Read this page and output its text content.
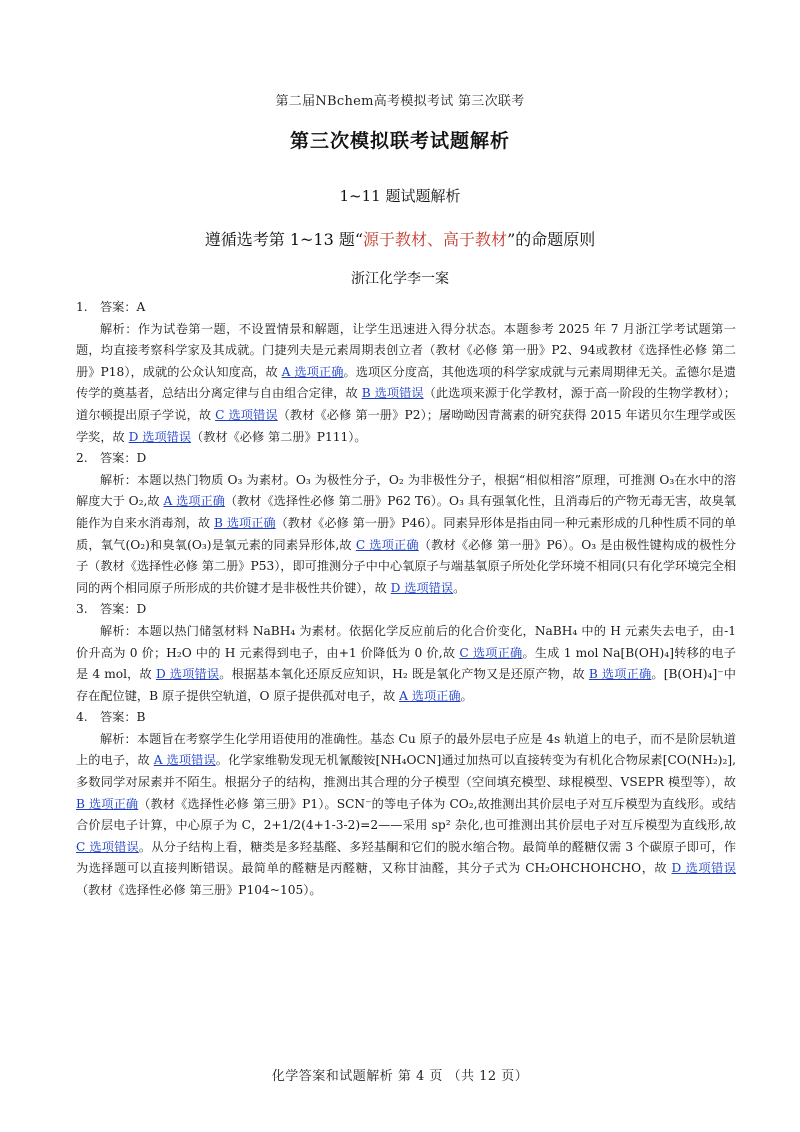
第二届NBchem高考模拟考试 第三次联考
第三次模拟联考试题解析
1~11 题试题解析
遵循选考第 1~13 题“源于教材、高于教材”的命题原则
浙江化学李一案
1.	答案：A

解析：作为试卷第一题，不设置情景和解题，让学生迅速进入得分状态。本题参考 2025 年 7 月浙江学考试题第一题，均直接考察科学家及其成就。门捷列夫是元素周期表创立者（教材《必修 第一册》P2、94或教材《选择性必修 第二册》P18），成就的公众认知度高，故 A 选项正确。选项区分度高，其他选项的科学家成就与元素周期律无关。孟德尔是遗传学的奠基者，总结出分离定律与自由组合定律，故 B 选项错误（此选项来源于化学教材，源于高一阶段的生物学教材）；道尔顿提出原子学说，故 C 选项错误（教材《必修 第一册》P2）；屠呦呦因青蒿素的研究获得 2015 年诺贝尔生理学或医学奖，故 D 选项错误（教材《必修 第二册》P111）。

2.	答案：D

解析：本题以热门物质 O₃ 为素材。O₃ 为极性分子，O₂ 为非极性分子，根据“相似相溶”原理，可推测 O₃在水中的溶解度大于 O₂,故 A 选项正确（教材《选择性必修 第二册》P62 T6）。O₃ 具有强氧化性，且消毒后的产物无毒无害，故臭氧能作为自来水消毒剂，故 B 选项正确（教材《必修 第一册》P46）。同素异形体是指由同一种元素形成的几种性质不同的单质，氧气(O₂)和臭氧(O₃)是氧元素的同素异形体,故 C 选项正确（教材《必修 第一册》P6）。O₃ 是由极性键构成的极性分子（教材《选择性必修 第二册》P53），即可推测分子中中心氧原子与端基氧原子所处化学环境不相同(只有化学环境完全相同的两个相同原子所形成的共价键才是非极性共价键），故 D 选项错误。

3.	答案：D

解析：本题以热门储氢材料 NaBH₄ 为素材。依据化学反应前后的化合价变化，NaBH₄ 中的 H 元素失去电子，由-1 价升高为 0 价；H₂O 中的 H 元素得到电子，由+1 价降低为 0 价,故 C 选项正确。生成 1 mol Na[B(OH)₄]转移的电子是 4 mol，故 D 选项错误。根据基本氧化还原反应知识，H₂ 既是氧化产物又是还原产物，故 B 选项正确。[B(OH)₄]⁻中存在配位键，B 原子提供空轨道，O 原子提供孤对电子，故 A 选项正确。

4.	答案：B

解析：本题旨在考察学生化学用语使用的准确性。基态 Cu 原子的最外层电子应是 4s 轨道上的电子，而不是阶层轨道上的电子，故 A 选项错误。化学家维勒发现无机氰酸铵[NH₄OCN]通过加热可以直接转变为有机化合物尿素[CO(NH₂)₂],多数同学对尿素并不陌生。根据分子的结构，推测出其合理的分子模型（空间填充模型、球棍模型、VSEPR 模型等），故 B 选项正确（教材《选择性必修 第三册》P1）。SCN⁻的等电子体为 CO₂,故推测出其价层电子对互斥模型为直线形。或结合价层电子计算，中心原子为 C，2+1/2(4+1-3-2)=2——采用 sp² 杂化,也可推测出其价层电子对互斥模型为直线形,故 C 选项错误。从分子结构上看，糖类是多羟基醛、多羟基酮和它们的脱水缩合物。最简单的醛糖仅需 3 个碳原子即可，作为选择题可以直接判断错误。最简单的醛糖是丙醛糖，又称甘油醛，其分子式为 CH₂OHCHOHCHO，故 D 选项错误（教材《选择性必修 第三册》P104~105）。

化学答案和试题解析 第 4 页 （共 12 页）
